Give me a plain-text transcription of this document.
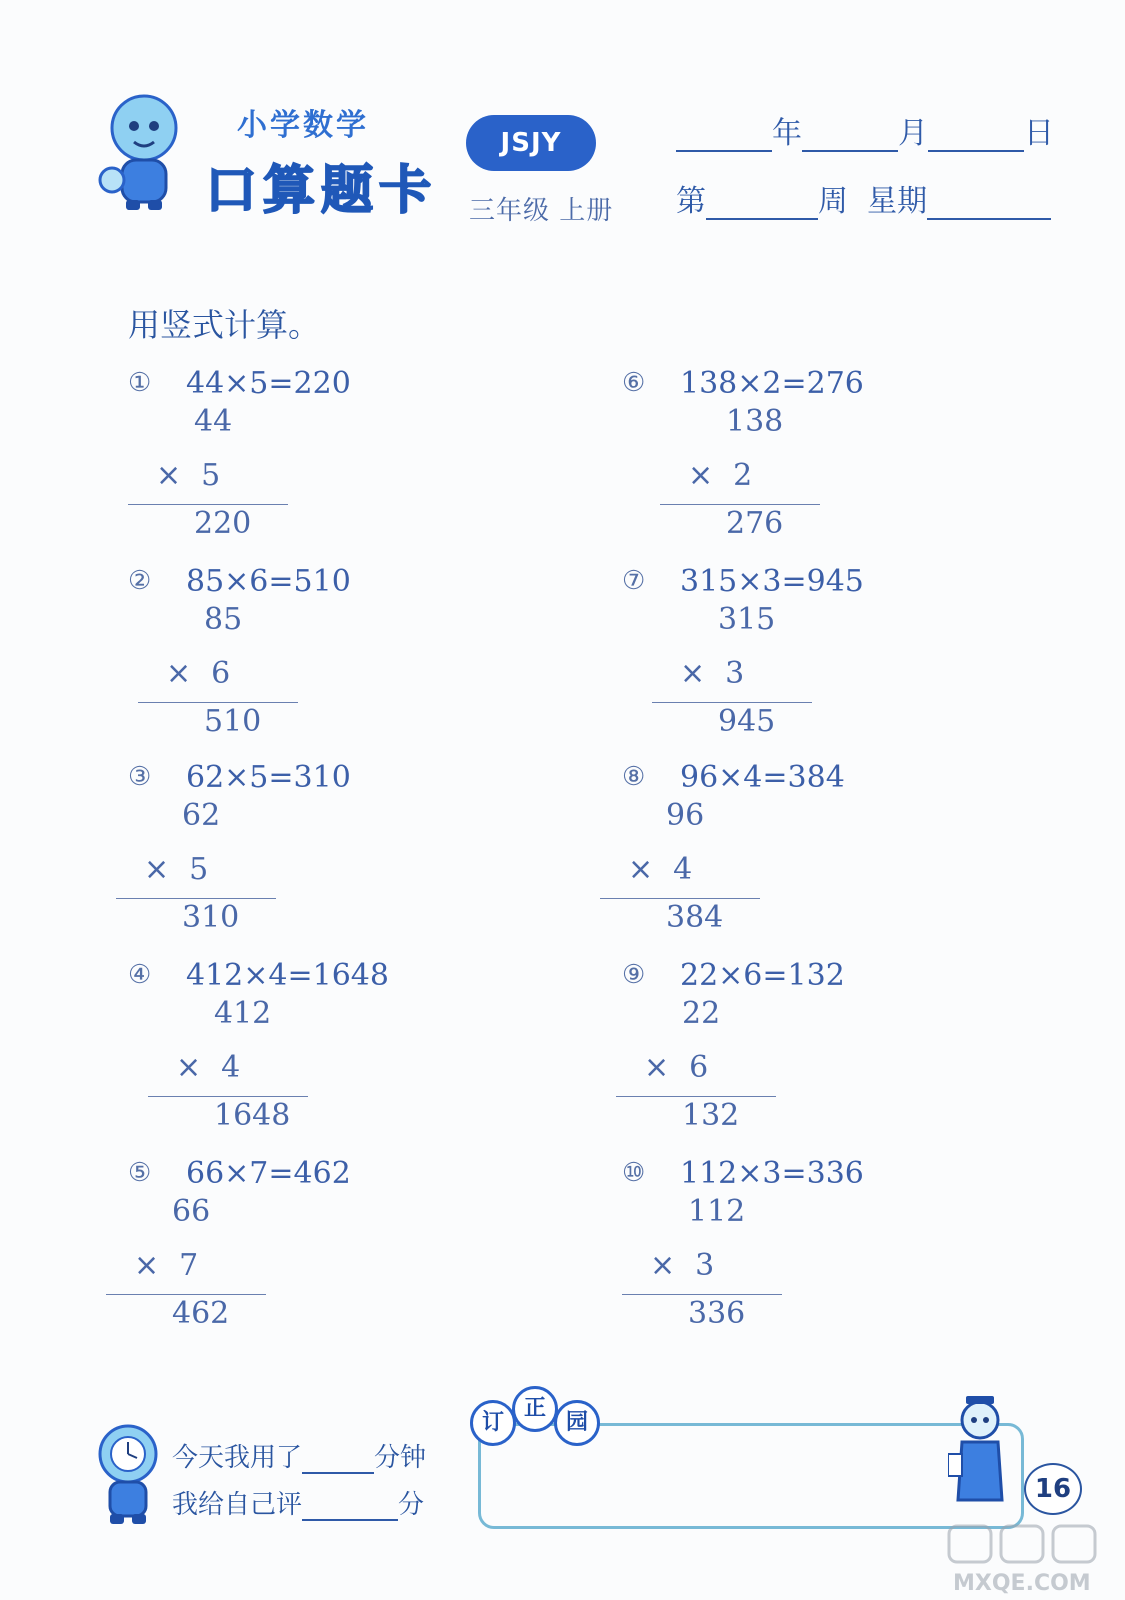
小学数学
口算题卡
JSJY
三年级 上册
年	月	日
第	周 星期
用竖式计算。
① 44×5=220
44
× 5
220
② 85×6=510
85
× 6
510
③ 62×5=310
62
× 5
310
④ 412×4=1648
412
× 4
1648
⑤ 66×7=462
66
× 7
462
⑥ 138×2=276
138
× 2
276
⑦ 315×3=945
315
× 3
945
⑧ 96×4=384
96
× 4
384
⑨ 22×6=132
22
× 6
132
⑩ 112×3=336
112
× 3
336
今天我用了	分钟
我给自己评	分
订正园
16
MXQE.COM
